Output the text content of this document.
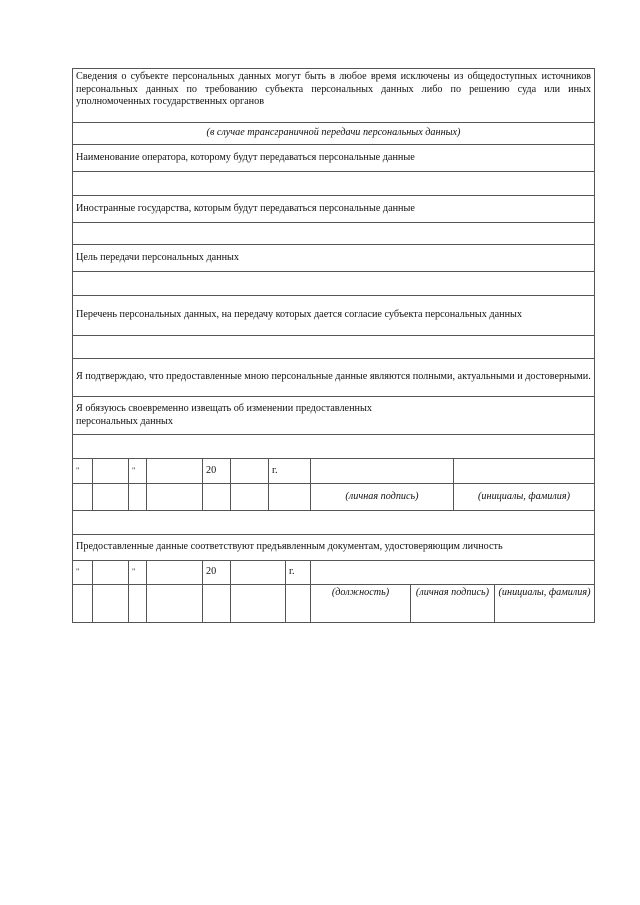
Сведения о субъекте персональных данных могут быть в любое время исключены из общедоступных источников персональных данных по требованию субъекта персональных данных либо по решению суда или иных уполномоченных государственных органов
(в случае трансграничной передачи персональных данных)
Наименование оператора, которому будут передаваться персональные данные

Иностранные государства, которым будут передаваться персональные данные

Цель передачи персональных данных

Перечень персональных данных, на передачу которых дается согласие субъекта персональных данных

Я подтверждаю, что предоставленные мною персональные данные являются полными, актуальными и достоверными.

Я обязуюсь своевременно извещать об изменении предоставленных
персональных данных

"		"		20		г.		
							(личная подпись)	(инициалы, фамилия)

Предоставленные данные соответствуют предъявленным документам, удостоверяющим личность
"		"		20		г.			
							(должность)	(личная подпись)	(инициалы, фамилия)
